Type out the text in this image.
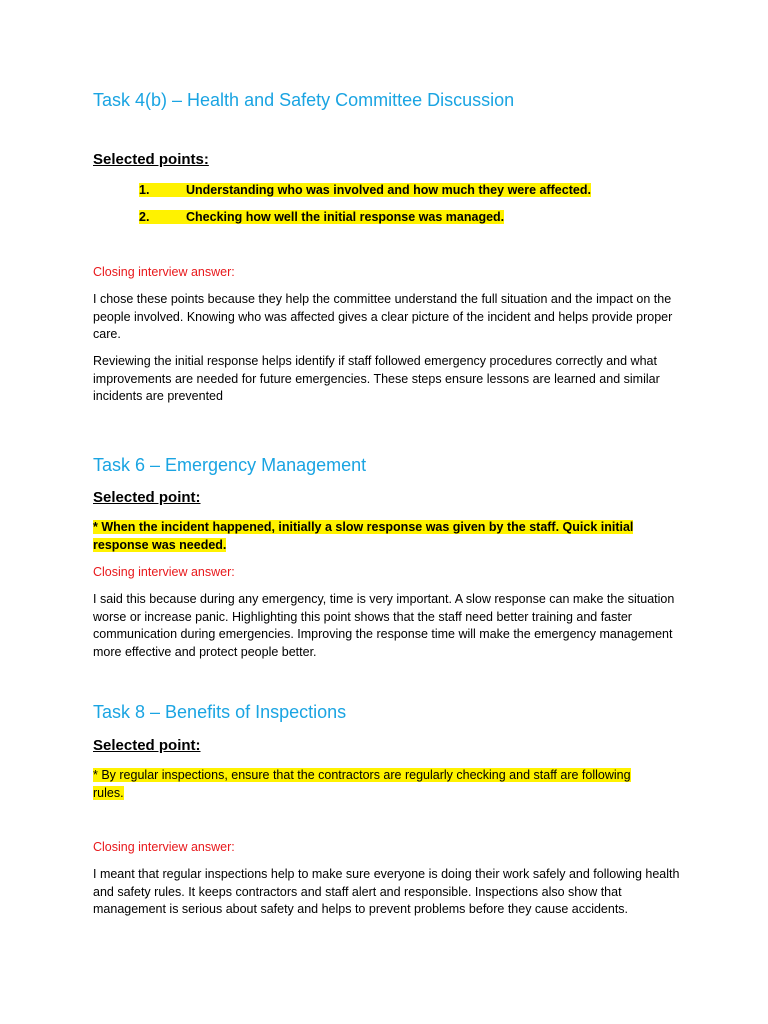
Task 4(b) – Health and Safety Committee Discussion
Selected points:
1.	Understanding who was involved and how much they were affected.
2.	Checking how well the initial response was managed.
Closing interview answer:

I chose these points because they help the committee understand the full situation and the impact on the people involved. Knowing who was affected gives a clear picture of the incident and helps provide proper care.

Reviewing the initial response helps identify if staff followed emergency procedures correctly and what improvements are needed for future emergencies. These steps ensure lessons are learned and similar incidents are prevented

Task 6 – Emergency Management
Selected point:
* When the incident happened, initially a slow response was given by the staff. Quick initial
response was needed.
Closing interview answer:

I said this because during any emergency, time is very important. A slow response can make the situation worse or increase panic. Highlighting this point shows that the staff need better training and faster communication during emergencies. Improving the response time will make the emergency management more effective and protect people better.

Task 8 – Benefits of Inspections
Selected point:
* By regular inspections, ensure that the contractors are regularly checking and staff are following
rules.
Closing interview answer:

I meant that regular inspections help to make sure everyone is doing their work safely and following health and safety rules. It keeps contractors and staff alert and responsible. Inspections also show that management is serious about safety and helps to prevent problems before they cause accidents.
